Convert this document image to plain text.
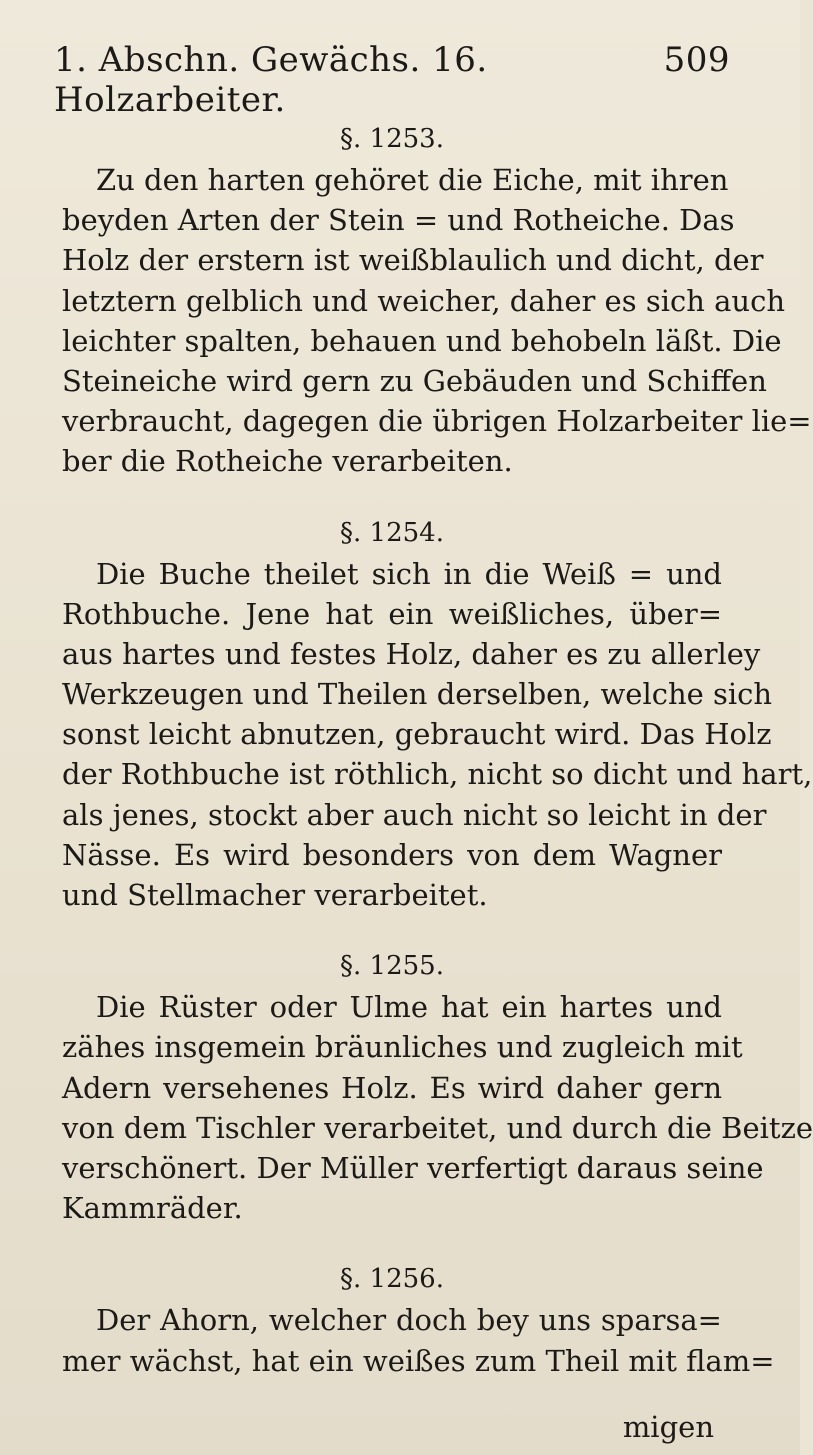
1. Abschn. Gewächs. 16. Holzarbeiter.
509
§. 1253.
Zu den harten gehöret die Eiche, mit ihren
beyden Arten der Stein = und Rotheiche. Das
Holz der erstern ist weißblaulich und dicht, der
letztern gelblich und weicher, daher es sich auch
leichter spalten, behauen und behobeln läßt. Die
Steineiche wird gern zu Gebäuden und Schiffen
verbraucht, dagegen die übrigen Holzarbeiter lie=
ber die Rotheiche verarbeiten.
§. 1254.
Die Buche theilet sich in die Weiß = und
Rothbuche. Jene hat ein weißliches, über=
aus hartes und festes Holz, daher es zu allerley
Werkzeugen und Theilen derselben, welche sich
sonst leicht abnutzen, gebraucht wird. Das Holz
der Rothbuche ist röthlich, nicht so dicht und hart,
als jenes, stockt aber auch nicht so leicht in der
Nässe. Es wird besonders von dem Wagner
und Stellmacher verarbeitet.
§. 1255.
Die Rüster oder Ulme hat ein hartes und
zähes insgemein bräunliches und zugleich mit
Adern versehenes Holz. Es wird daher gern
von dem Tischler verarbeitet, und durch die Beitze
verschönert. Der Müller verfertigt daraus seine
Kammräder.
§. 1256.
Der Ahorn, welcher doch bey uns sparsa=
mer wächst, hat ein weißes zum Theil mit flam=
migen
